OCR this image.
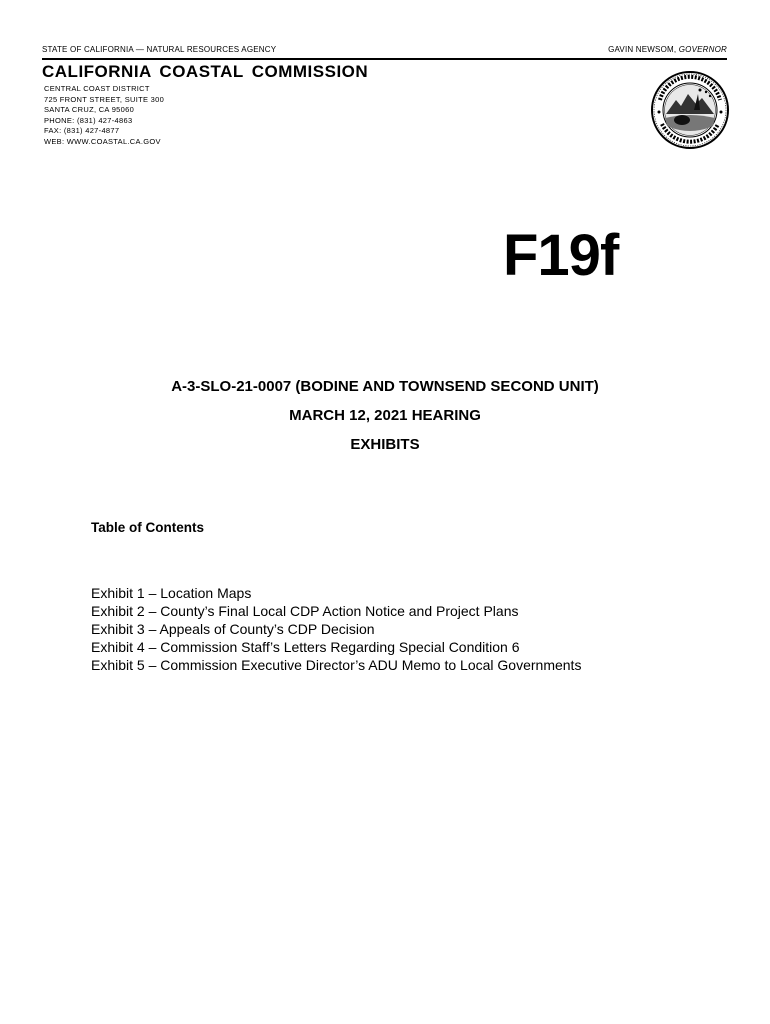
STATE OF CALIFORNIA — NATURAL RESOURCES AGENCY	GAVIN NEWSOM, GOVERNOR
CALIFORNIA COASTAL COMMISSION
CENTRAL COAST DISTRICT
725 FRONT STREET, SUITE 300
SANTA CRUZ, CA 95060
PHONE: (831) 427-4863
FAX: (831) 427-4877
WEB: WWW.COASTAL.CA.GOV
F19f
A-3-SLO-21-0007 (BODINE AND TOWNSEND SECOND UNIT)
MARCH 12, 2021 HEARING
EXHIBITS
Table of Contents
Exhibit 1 – Location Maps
Exhibit 2 – County’s Final Local CDP Action Notice and Project Plans
Exhibit 3 – Appeals of County’s CDP Decision
Exhibit 4 – Commission Staff’s Letters Regarding Special Condition 6
Exhibit 5 – Commission Executive Director’s ADU Memo to Local Governments
